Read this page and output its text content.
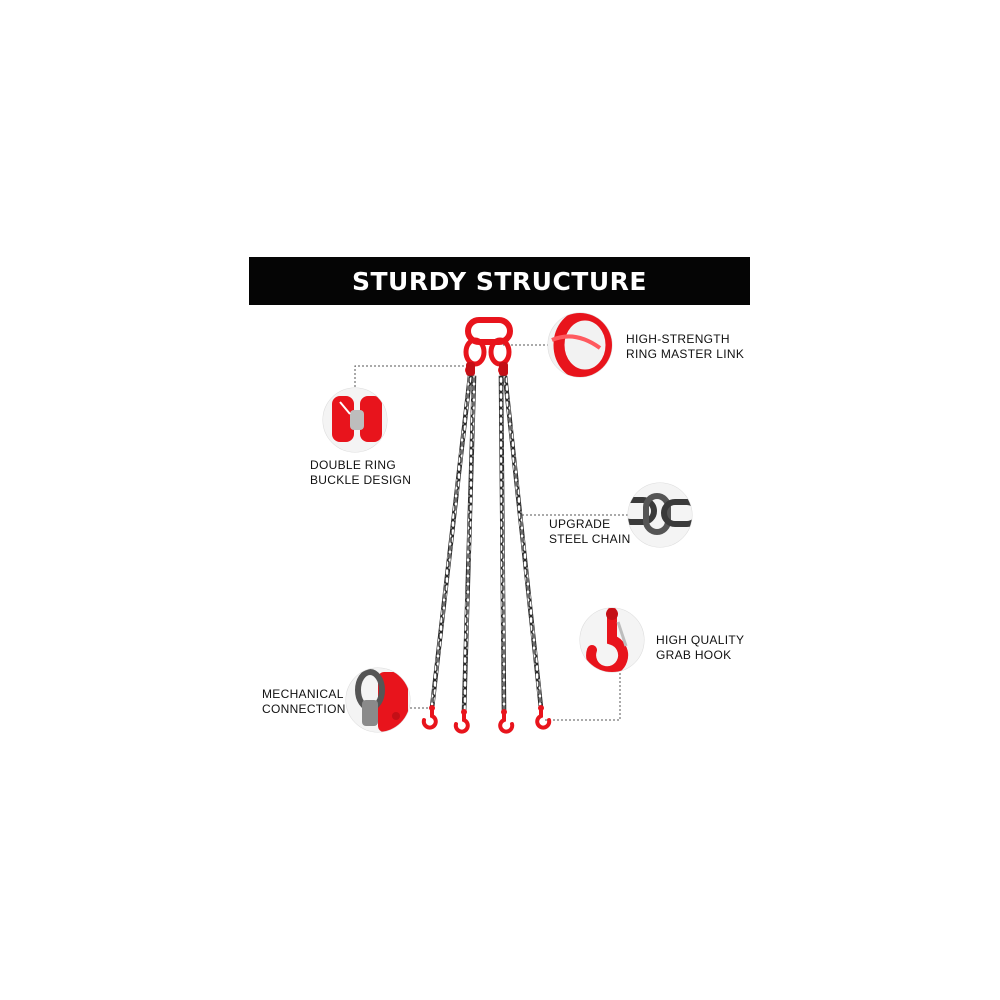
STURDY STRUCTURE
HIGH-STRENGTH
RING MASTER LINK
DOUBLE RING
BUCKLE DESIGN
UPGRADE
STEEL CHAIN
HIGH QUALITY
GRAB HOOK
MECHANICAL
CONNECTION
